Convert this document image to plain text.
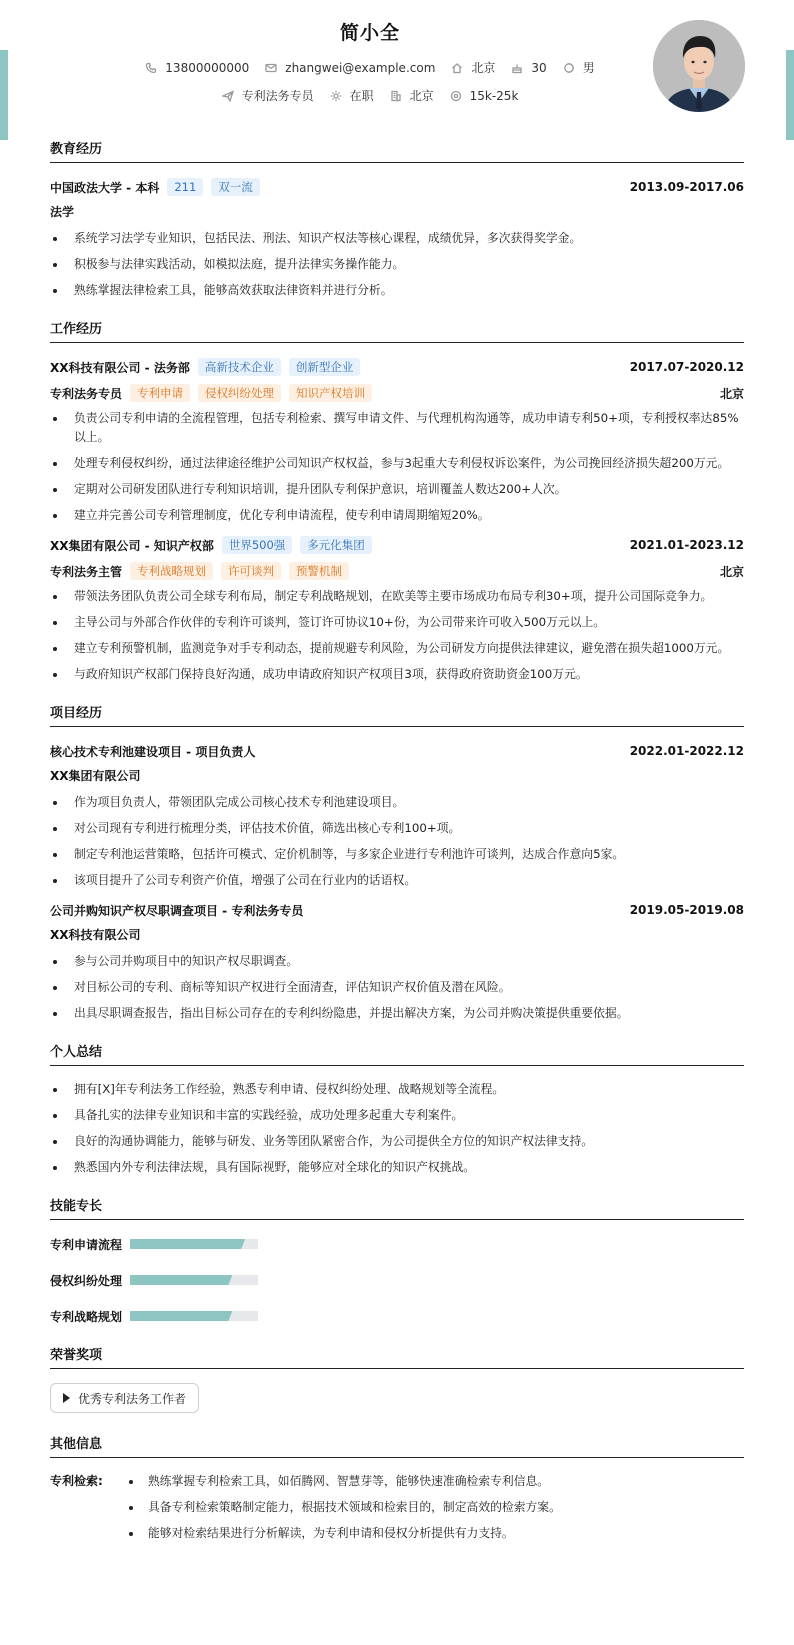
简小全
13800000000	zhangwei@example.com	北京	30	男
专利法务专员	在职	北京	15k-25k
教育经历
中国政法大学 - 本科	211	双一流	2013.09-2017.06
法学
系统学习法学专业知识，包括民法、刑法、知识产权法等核心课程，成绩优异，多次获得奖学金。
积极参与法律实践活动，如模拟法庭，提升法律实务操作能力。
熟练掌握法律检索工具，能够高效获取法律资料并进行分析。
工作经历
XX科技有限公司 - 法务部	高新技术企业	创新型企业	2017.07-2020.12
专利法务专员	专利申请	侵权纠纷处理	知识产权培训	北京
负责公司专利申请的全流程管理，包括专利检索、撰写申请文件、与代理机构沟通等，成功申请专利50+项，专利授权率达85%以上。
处理专利侵权纠纷，通过法律途径维护公司知识产权权益，参与3起重大专利侵权诉讼案件，为公司挽回经济损失超200万元。
定期对公司研发团队进行专利知识培训，提升团队专利保护意识，培训覆盖人数达200+人次。
建立并完善公司专利管理制度，优化专利申请流程，使专利申请周期缩短20%。
XX集团有限公司 - 知识产权部	世界500强	多元化集团	2021.01-2023.12
专利法务主管	专利战略规划	许可谈判	预警机制	北京
带领法务团队负责公司全球专利布局，制定专利战略规划，在欧美等主要市场成功布局专利30+项，提升公司国际竞争力。
主导公司与外部合作伙伴的专利许可谈判，签订许可协议10+份，为公司带来许可收入500万元以上。
建立专利预警机制，监测竞争对手专利动态，提前规避专利风险，为公司研发方向提供法律建议，避免潜在损失超1000万元。
与政府知识产权部门保持良好沟通，成功申请政府知识产权项目3项，获得政府资助资金100万元。
项目经历
核心技术专利池建设项目 - 项目负责人	2022.01-2022.12
XX集团有限公司
作为项目负责人，带领团队完成公司核心技术专利池建设项目。
对公司现有专利进行梳理分类，评估技术价值，筛选出核心专利100+项。
制定专利池运营策略，包括许可模式、定价机制等，与多家企业进行专利池许可谈判，达成合作意向5家。
该项目提升了公司专利资产价值，增强了公司在行业内的话语权。
公司并购知识产权尽职调查项目 - 专利法务专员	2019.05-2019.08
XX科技有限公司
参与公司并购项目中的知识产权尽职调查。
对目标公司的专利、商标等知识产权进行全面清查，评估知识产权价值及潜在风险。
出具尽职调查报告，指出目标公司存在的专利纠纷隐患，并提出解决方案，为公司并购决策提供重要依据。
个人总结
拥有[X]年专利法务工作经验，熟悉专利申请、侵权纠纷处理、战略规划等全流程。
具备扎实的法律专业知识和丰富的实践经验，成功处理多起重大专利案件。
良好的沟通协调能力，能够与研发、业务等团队紧密合作，为公司提供全方位的知识产权法律支持。
熟悉国内外专利法律法规，具有国际视野，能够应对全球化的知识产权挑战。
技能专长
专利申请流程
侵权纠纷处理
专利战略规划
荣誉奖项
优秀专利法务工作者
其他信息
专利检索:	熟练掌握专利检索工具，如佰腾网、智慧芽等，能够快速准确检索专利信息。
具备专利检索策略制定能力，根据技术领域和检索目的，制定高效的检索方案。
能够对检索结果进行分析解读，为专利申请和侵权分析提供有力支持。
